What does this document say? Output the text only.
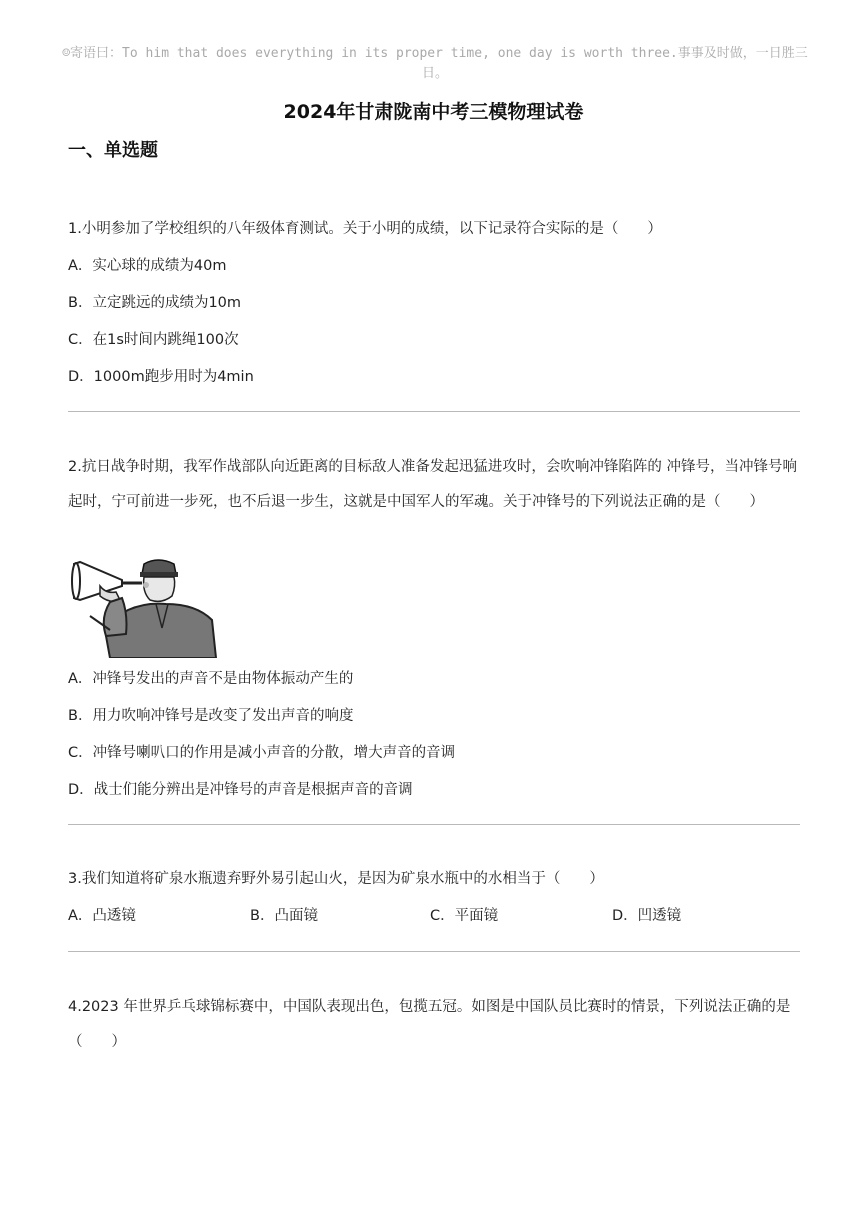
☺寄语曰：To him that does everything in its proper time, one day is worth three.事事及时做，一日胜三日。
2024年甘肃陇南中考三模物理试卷
一、单选题
1.小明参加了学校组织的八年级体育测试。关于小明的成绩，以下记录符合实际的是（　　）
A．实心球的成绩为40m
B．立定跳远的成绩为10m
C．在1s时间内跳绳100次
D．1000m跑步用时为4min
2.抗日战争时期，我军作战部队向近距离的目标敌人准备发起迅猛进攻时，会吹响冲锋陷阵的 冲锋号，当冲锋号响起时，宁可前进一步死，也不后退一步生，这就是中国军人的军魂。关于冲锋号的下列说法正确的是（　　）
A．冲锋号发出的声音不是由物体振动产生的
B．用力吹响冲锋号是改变了发出声音的响度
C．冲锋号喇叭口的作用是减小声音的分散，增大声音的音调
D．战士们能分辨出是冲锋号的声音是根据声音的音调
3.我们知道将矿泉水瓶遗弃野外易引起山火，是因为矿泉水瓶中的水相当于（　　）
A．凸透镜	B．凸面镜	C．平面镜	D．凹透镜
4.2023 年世界乒乓球锦标赛中，中国队表现出色，包揽五冠。如图是中国队员比赛时的情景，下列说法正确的是（　　）
